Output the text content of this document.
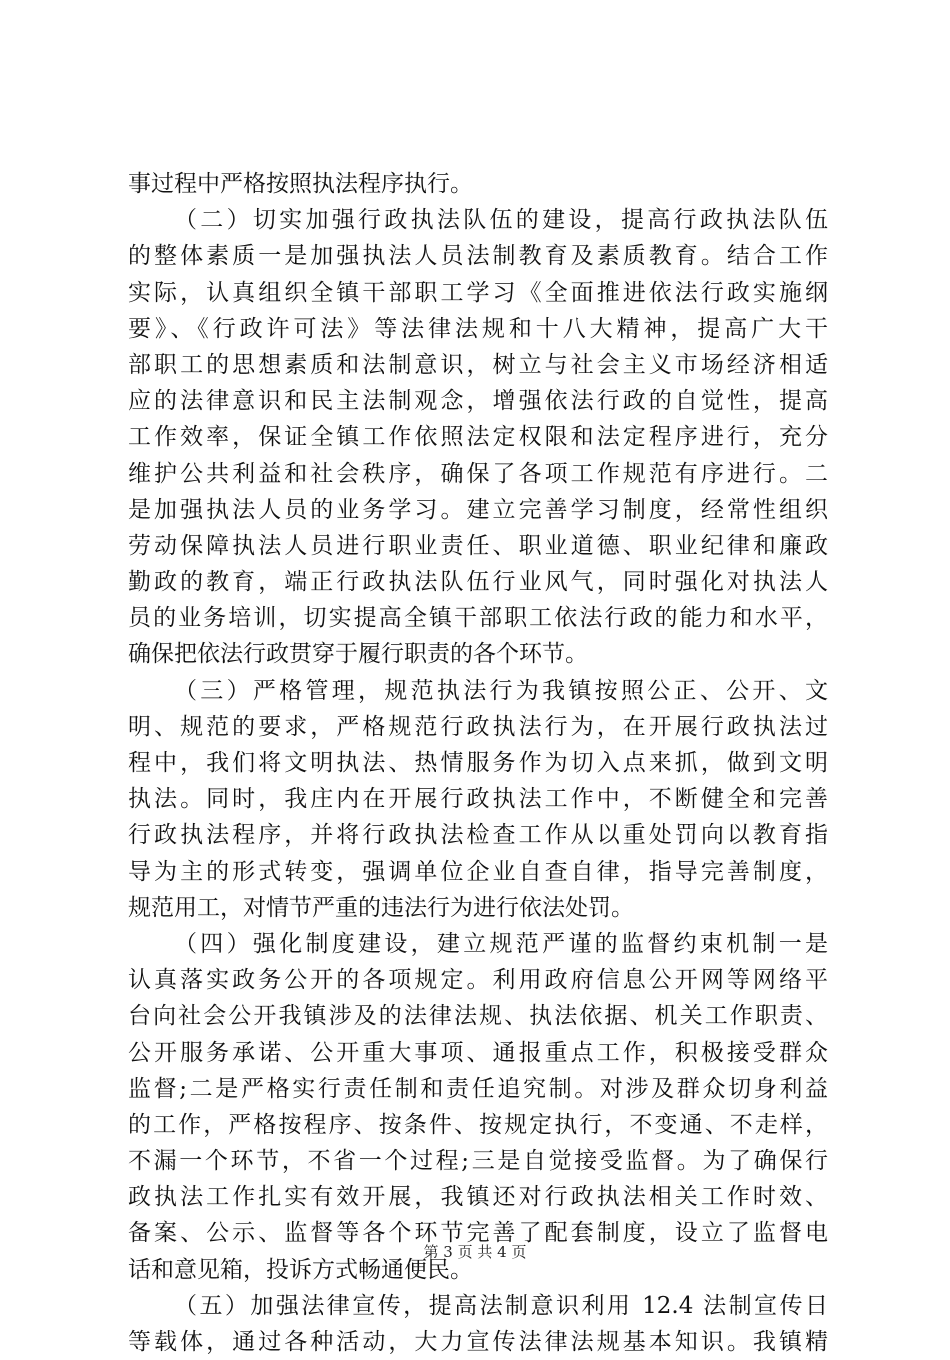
事过程中严格按照执法程序执行。
（二）切实加强行政执法队伍的建设，提高行政执法队伍
的整体素质一是加强执法人员法制教育及素质教育。结合工作
实际，认真组织全镇干部职工学习《全面推进依法行政实施纲
要》、《行政许可法》等法律法规和十八大精神，提高广大干
部职工的思想素质和法制意识，树立与社会主义市场经济相适
应的法律意识和民主法制观念，增强依法行政的自觉性，提高
工作效率，保证全镇工作依照法定权限和法定程序进行，充分
维护公共利益和社会秩序，确保了各项工作规范有序进行。二
是加强执法人员的业务学习。建立完善学习制度，经常性组织
劳动保障执法人员进行职业责任、职业道德、职业纪律和廉政
勤政的教育，端正行政执法队伍行业风气，同时强化对执法人
员的业务培训，切实提高全镇干部职工依法行政的能力和水平，
确保把依法行政贯穿于履行职责的各个环节。
（三）严格管理，规范执法行为我镇按照公正、公开、文
明、规范的要求，严格规范行政执法行为，在开展行政执法过
程中，我们将文明执法、热情服务作为切入点来抓，做到文明
执法。同时，我庄内在开展行政执法工作中，不断健全和完善
行政执法程序，并将行政执法检查工作从以重处罚向以教育指
导为主的形式转变，强调单位企业自查自律，指导完善制度，
规范用工，对情节严重的违法行为进行依法处罚。
（四）强化制度建设，建立规范严谨的监督约束机制一是
认真落实政务公开的各项规定。利用政府信息公开网等网络平
台向社会公开我镇涉及的法律法规、执法依据、机关工作职责、
公开服务承诺、公开重大事项、通报重点工作，积极接受群众
监督;二是严格实行责任制和责任追究制。对涉及群众切身利益
的工作，严格按程序、按条件、按规定执行，不变通、不走样，
不漏一个环节，不省一个过程;三是自觉接受监督。为了确保行
政执法工作扎实有效开展，我镇还对行政执法相关工作时效、
备案、公示、监督等各个环节完善了配套制度，设立了监督电
话和意见箱，投诉方式畅通便民。
（五）加强法律宣传，提高法制意识利用 12.4 法制宣传日
等载体，通过各种活动，大力宣传法律法规基本知识。我镇精
第 3 页 共 4 页
